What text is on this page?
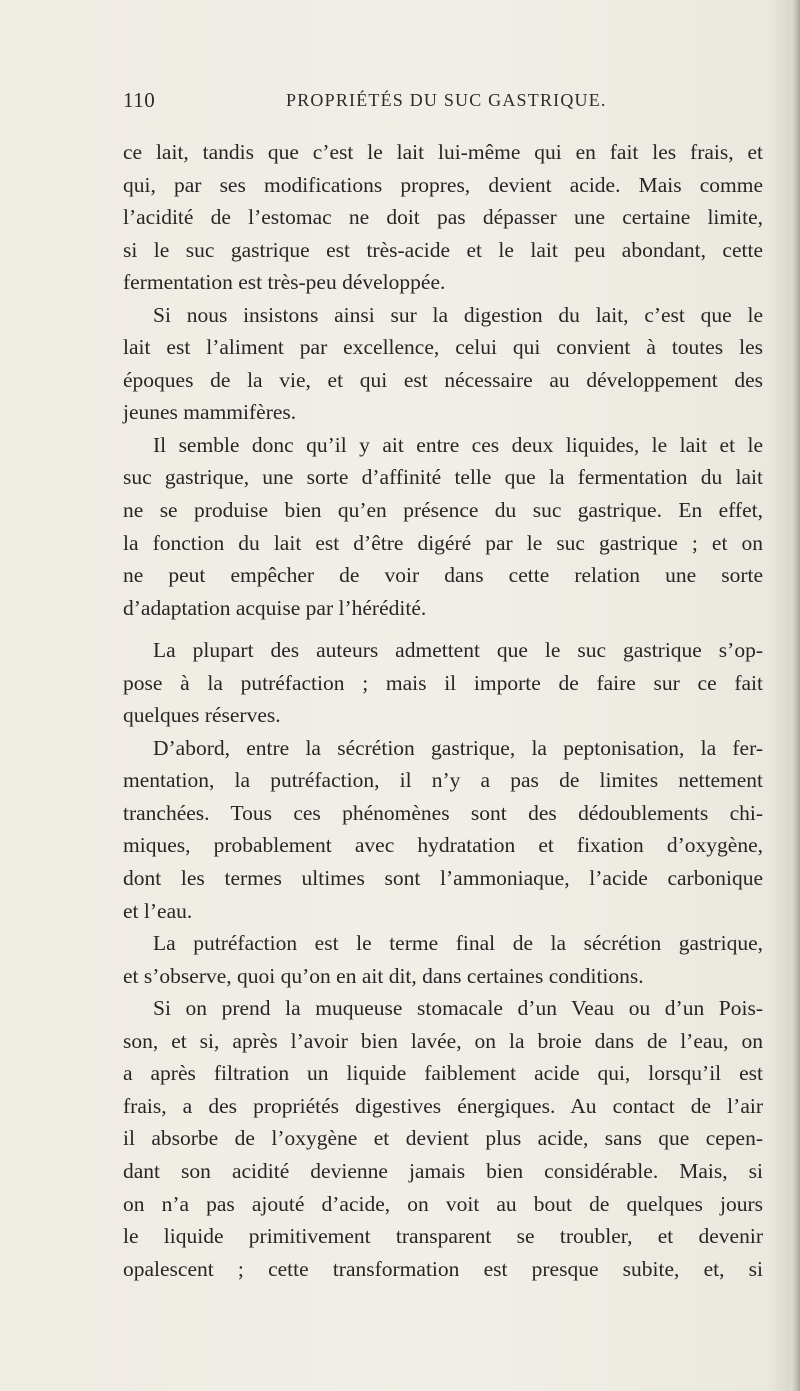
110	PROPRIÉTÉS DU SUC GASTRIQUE.

ce lait, tandis que c’est le lait lui-même qui en fait les frais, et

qui, par ses modifications propres, devient acide. Mais comme

l’acidité de l’estomac ne doit pas dépasser une certaine limite,

si le suc gastrique est très-acide et le lait peu abondant, cette

fermentation est très-peu développée.

Si nous insistons ainsi sur la digestion du lait, c’est que le

lait est l’aliment par excellence, celui qui convient à toutes les

époques de la vie, et qui est nécessaire au développement des

jeunes mammifères.

Il semble donc qu’il y ait entre ces deux liquides, le lait et le

suc gastrique, une sorte d’affinité telle que la fermentation du lait

ne se produise bien qu’en présence du suc gastrique. En effet,

la fonction du lait est d’être digéré par le suc gastrique ; et on

ne peut empêcher de voir dans cette relation une sorte

d’adaptation acquise par l’hérédité.

La plupart des auteurs admettent que le suc gastrique s’op-

pose à la putréfaction ; mais il importe de faire sur ce fait

quelques réserves.

D’abord, entre la sécrétion gastrique, la peptonisation, la fer-

mentation, la putréfaction, il n’y a pas de limites nettement

tranchées. Tous ces phénomènes sont des dédoublements chi-

miques, probablement avec hydratation et fixation d’oxygène,

dont les termes ultimes sont l’ammoniaque, l’acide carbonique

et l’eau.

La putréfaction est le terme final de la sécrétion gastrique,

et s’observe, quoi qu’on en ait dit, dans certaines conditions.

Si on prend la muqueuse stomacale d’un Veau ou d’un Pois-

son, et si, après l’avoir bien lavée, on la broie dans de l’eau, on

a après filtration un liquide faiblement acide qui, lorsqu’il est

frais, a des propriétés digestives énergiques. Au contact de l’air

il absorbe de l’oxygène et devient plus acide, sans que cepen-

dant son acidité devienne jamais bien considérable. Mais, si

on n’a pas ajouté d’acide, on voit au bout de quelques jours

le liquide primitivement transparent se troubler, et devenir

opalescent ; cette transformation est presque subite, et, si
